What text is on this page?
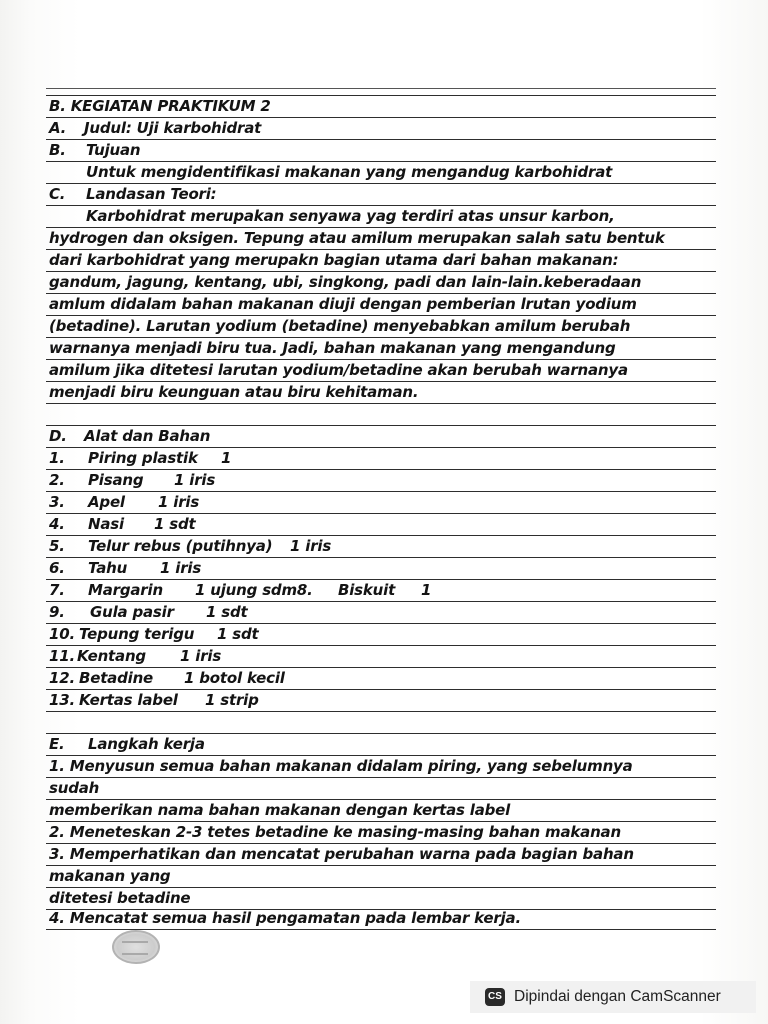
B. KEGIATAN PRAKTIKUM 2
A. Judul: Uji karbohidrat
B. Tujuan
Untuk mengidentifikasi makanan yang mengandug karbohidrat
C. Landasan Teori:
Karbohidrat merupakan senyawa yag terdiri atas unsur karbon,
hydrogen dan oksigen. Tepung atau amilum merupakan salah satu bentuk
dari karbohidrat yang merupakn bagian utama dari bahan makanan:
gandum, jagung, kentang, ubi, singkong, padi dan lain-lain.keberadaan
amlum didalam bahan makanan diuji dengan pemberian lrutan yodium
(betadine). Larutan yodium (betadine) menyebabkan amilum berubah
warnanya menjadi biru tua. Jadi, bahan makanan yang mengandung
amilum jika ditetesi larutan yodium/betadine akan berubah warnanya
menjadi biru keunguan atau biru kehitaman.
D. Alat dan Bahan
1. Piring plastik 1
2. Pisang 1 iris
3. Apel 1 iris
4. Nasi 1 sdt
5. Telur rebus (putihnya) 1 iris
6. Tahu 1 iris
7. Margarin 1 ujung sdm8. Biskuit 1
9. Gula pasir 1 sdt
10. Tepung terigu 1 sdt
11. Kentang 1 iris
12. Betadine 1 botol kecil
13. Kertas label 1 strip
E. Langkah kerja
1. Menyusun semua bahan makanan didalam piring, yang sebelumnya
sudah
memberikan nama bahan makanan dengan kertas label
2. Meneteskan 2-3 tetes betadine ke masing-masing bahan makanan
3. Memperhatikan dan mencatat perubahan warna pada bagian bahan
makanan yang
ditetesi betadine
4. Mencatat semua hasil pengamatan pada lembar kerja.
CS Dipindai dengan CamScanner
